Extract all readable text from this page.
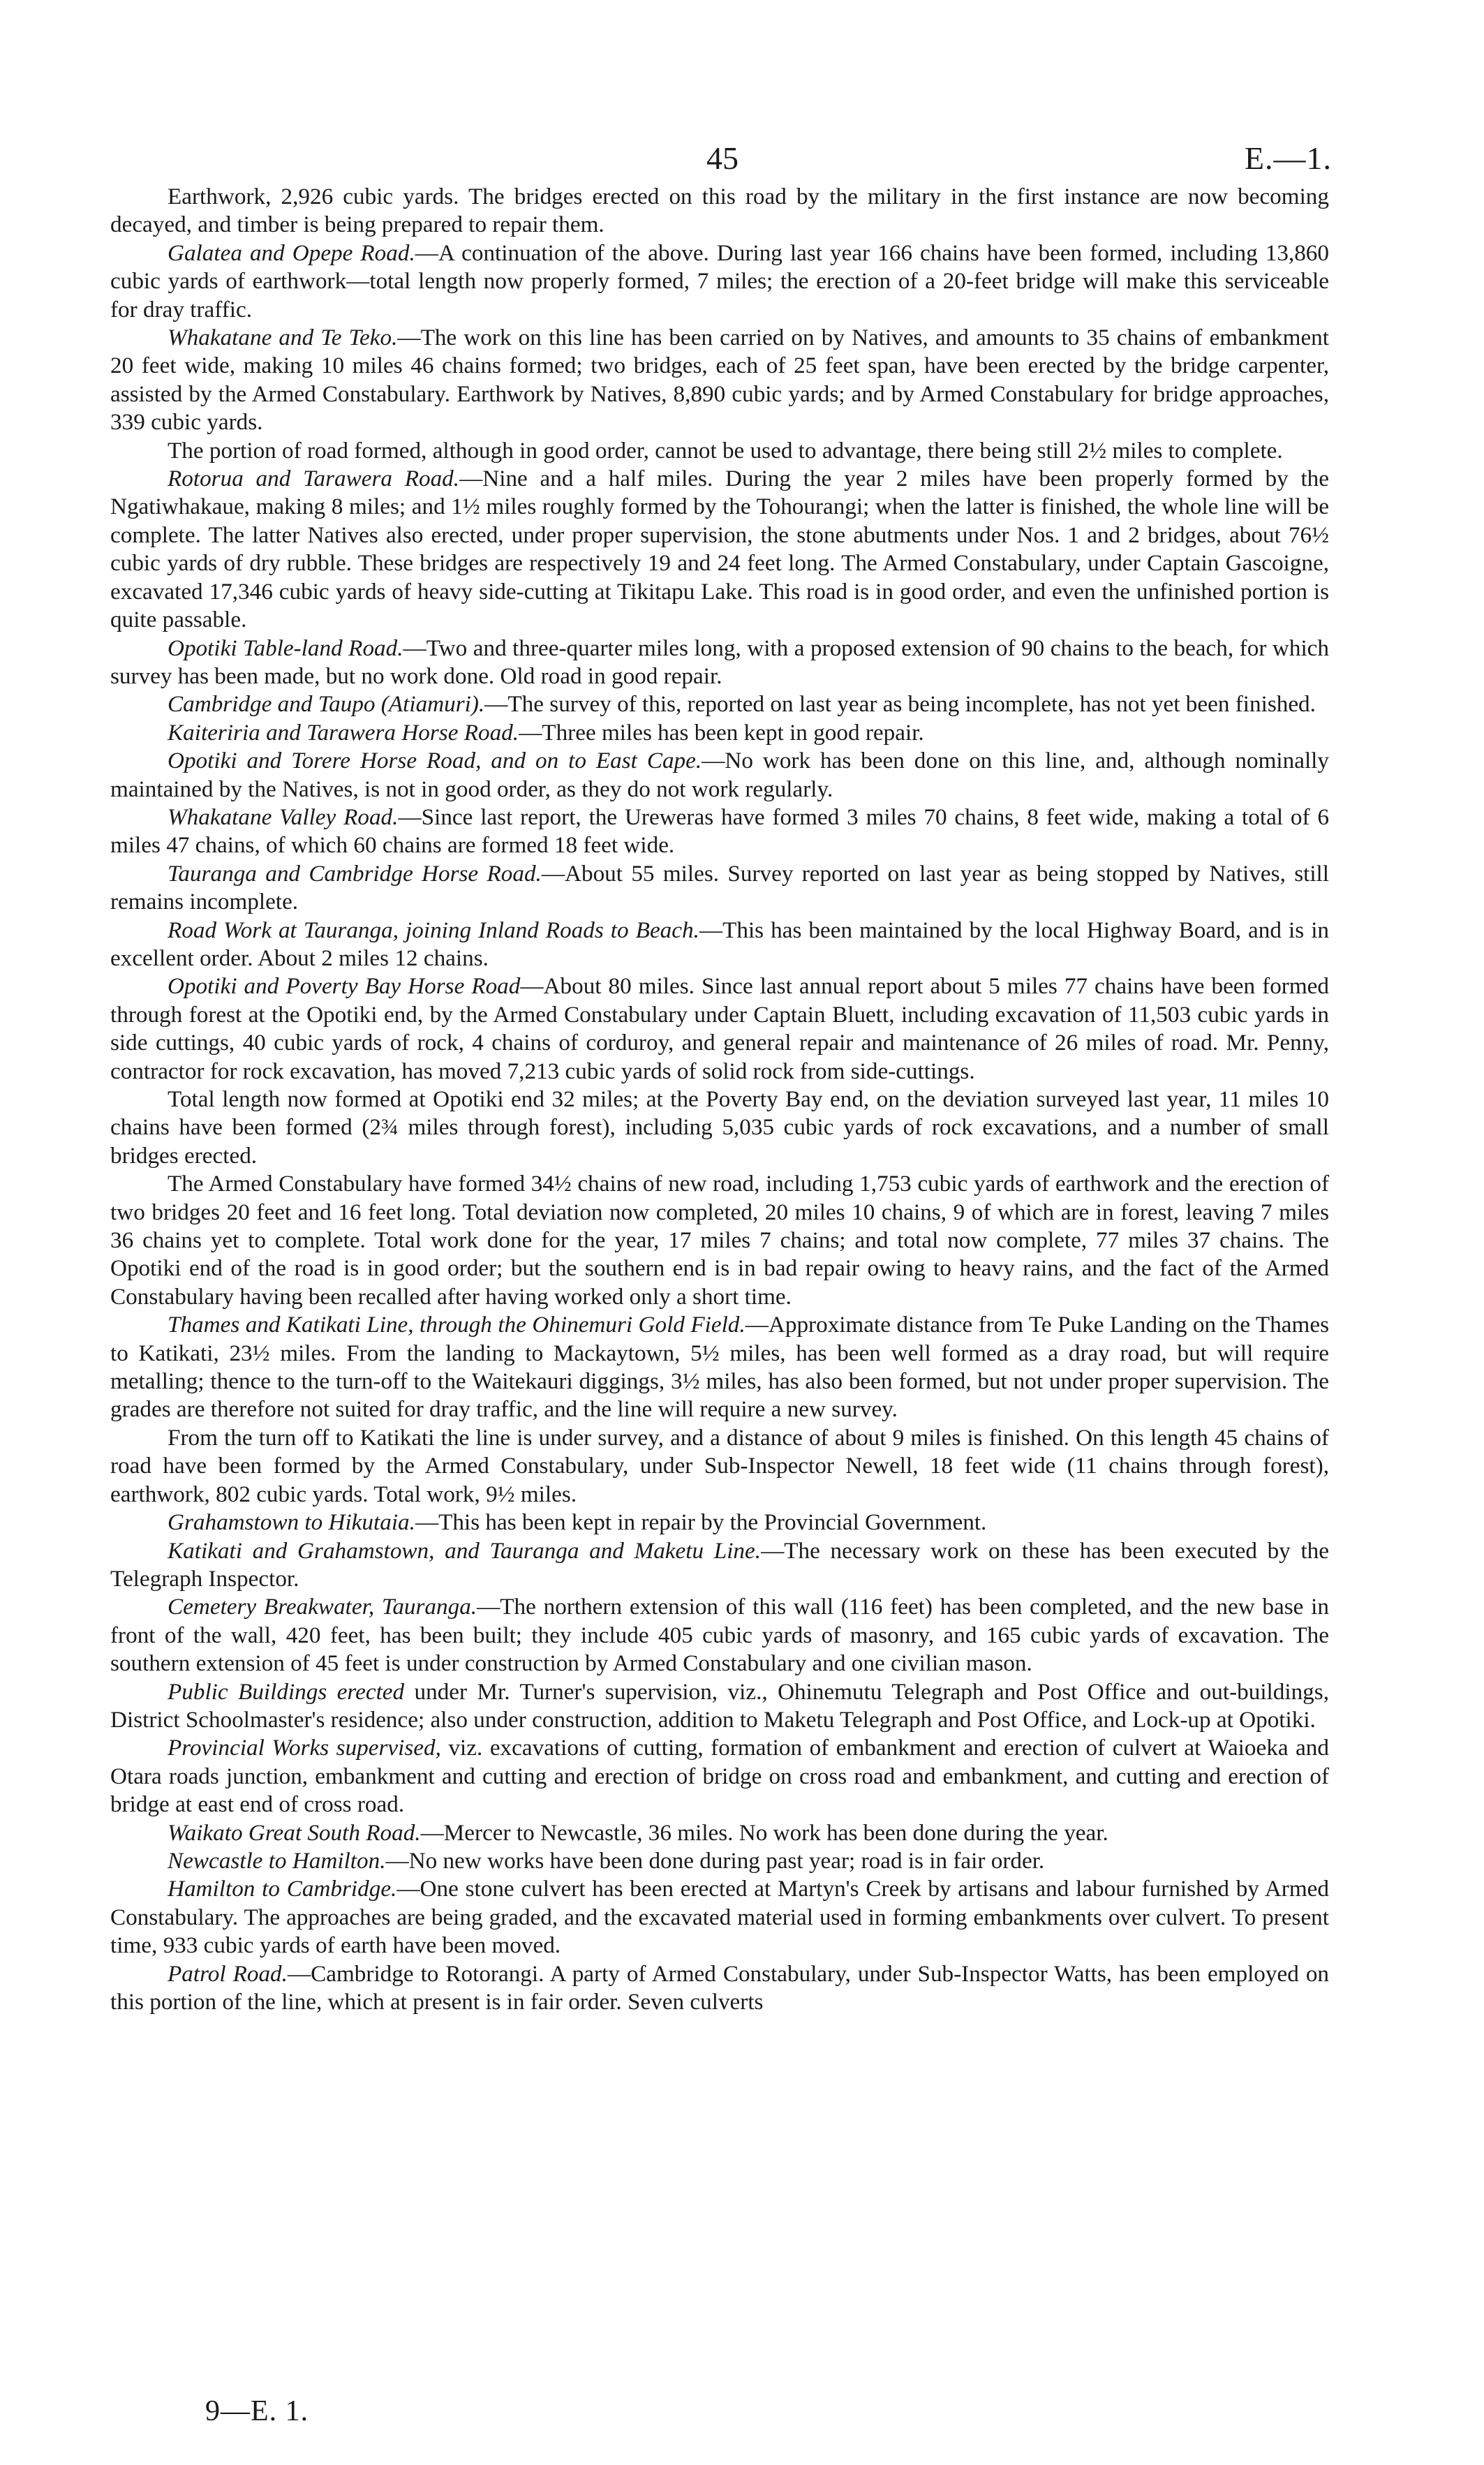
45	E.—1.

Earthwork, 2,926 cubic yards. The bridges erected on this road by the military in the first instance are now becoming decayed, and timber is being prepared to repair them.

Galatea and Opepe Road.—A continuation of the above. During last year 166 chains have been formed, including 13,860 cubic yards of earthwork—total length now properly formed, 7 miles; the erection of a 20-feet bridge will make this serviceable for dray traffic.

Whakatane and Te Teko.—The work on this line has been carried on by Natives, and amounts to 35 chains of embankment 20 feet wide, making 10 miles 46 chains formed; two bridges, each of 25 feet span, have been erected by the bridge carpenter, assisted by the Armed Constabulary. Earthwork by Natives, 8,890 cubic yards; and by Armed Constabulary for bridge approaches, 339 cubic yards.

The portion of road formed, although in good order, cannot be used to advantage, there being still 2½ miles to complete.

Rotorua and Tarawera Road.—Nine and a half miles. During the year 2 miles have been properly formed by the Ngatiwhakaue, making 8 miles; and 1½ miles roughly formed by the Tohourangi; when the latter is finished, the whole line will be complete. The latter Natives also erected, under proper supervision, the stone abutments under Nos. 1 and 2 bridges, about 76½ cubic yards of dry rubble. These bridges are respectively 19 and 24 feet long. The Armed Constabulary, under Captain Gascoigne, excavated 17,346 cubic yards of heavy side-cutting at Tikitapu Lake. This road is in good order, and even the unfinished portion is quite passable.

Opotiki Table-land Road.—Two and three-quarter miles long, with a proposed extension of 90 chains to the beach, for which survey has been made, but no work done. Old road in good repair.

Cambridge and Taupo (Atiamuri).—The survey of this, reported on last year as being incomplete, has not yet been finished.

Kaiteriria and Tarawera Horse Road.—Three miles has been kept in good repair.

Opotiki and Torere Horse Road, and on to East Cape.—No work has been done on this line, and, although nominally maintained by the Natives, is not in good order, as they do not work regularly.

Whakatane Valley Road.—Since last report, the Ureweras have formed 3 miles 70 chains, 8 feet wide, making a total of 6 miles 47 chains, of which 60 chains are formed 18 feet wide.

Tauranga and Cambridge Horse Road.—About 55 miles. Survey reported on last year as being stopped by Natives, still remains incomplete.

Road Work at Tauranga, joining Inland Roads to Beach.—This has been maintained by the local Highway Board, and is in excellent order. About 2 miles 12 chains.

Opotiki and Poverty Bay Horse Road—About 80 miles. Since last annual report about 5 miles 77 chains have been formed through forest at the Opotiki end, by the Armed Constabulary under Captain Bluett, including excavation of 11,503 cubic yards in side cuttings, 40 cubic yards of rock, 4 chains of corduroy, and general repair and maintenance of 26 miles of road. Mr. Penny, contractor for rock excavation, has moved 7,213 cubic yards of solid rock from side-cuttings.

Total length now formed at Opotiki end 32 miles; at the Poverty Bay end, on the deviation surveyed last year, 11 miles 10 chains have been formed (2¾ miles through forest), including 5,035 cubic yards of rock excavations, and a number of small bridges erected.

The Armed Constabulary have formed 34½ chains of new road, including 1,753 cubic yards of earthwork and the erection of two bridges 20 feet and 16 feet long. Total deviation now completed, 20 miles 10 chains, 9 of which are in forest, leaving 7 miles 36 chains yet to complete. Total work done for the year, 17 miles 7 chains; and total now complete, 77 miles 37 chains. The Opotiki end of the road is in good order; but the southern end is in bad repair owing to heavy rains, and the fact of the Armed Constabulary having been recalled after having worked only a short time.

Thames and Katikati Line, through the Ohinemuri Gold Field.—Approximate distance from Te Puke Landing on the Thames to Katikati, 23½ miles. From the landing to Mackaytown, 5½ miles, has been well formed as a dray road, but will require metalling; thence to the turn-off to the Waitekauri diggings, 3½ miles, has also been formed, but not under proper supervision. The grades are therefore not suited for dray traffic, and the line will require a new survey.

From the turn off to Katikati the line is under survey, and a distance of about 9 miles is finished. On this length 45 chains of road have been formed by the Armed Constabulary, under Sub-Inspector Newell, 18 feet wide (11 chains through forest), earthwork, 802 cubic yards. Total work, 9½ miles.

Grahamstown to Hikutaia.—This has been kept in repair by the Provincial Government.

Katikati and Grahamstown, and Tauranga and Maketu Line.—The necessary work on these has been executed by the Telegraph Inspector.

Cemetery Breakwater, Tauranga.—The northern extension of this wall (116 feet) has been completed, and the new base in front of the wall, 420 feet, has been built; they include 405 cubic yards of masonry, and 165 cubic yards of excavation. The southern extension of 45 feet is under construction by Armed Constabulary and one civilian mason.

Public Buildings erected under Mr. Turner's supervision, viz., Ohinemutu Telegraph and Post Office and out-buildings, District Schoolmaster's residence; also under construction, addition to Maketu Telegraph and Post Office, and Lock-up at Opotiki.

Provincial Works supervised, viz. excavations of cutting, formation of embankment and erection of culvert at Waioeka and Otara roads junction, embankment and cutting and erection of bridge on cross road and embankment, and cutting and erection of bridge at east end of cross road.

Waikato Great South Road.—Mercer to Newcastle, 36 miles. No work has been done during the year.

Newcastle to Hamilton.—No new works have been done during past year; road is in fair order.

Hamilton to Cambridge.—One stone culvert has been erected at Martyn's Creek by artisans and labour furnished by Armed Constabulary. The approaches are being graded, and the excavated material used in forming embankments over culvert. To present time, 933 cubic yards of earth have been moved.

Patrol Road.—Cambridge to Rotorangi. A party of Armed Constabulary, under Sub-Inspector Watts, has been employed on this portion of the line, which at present is in fair order. Seven culverts

9—E. 1.
